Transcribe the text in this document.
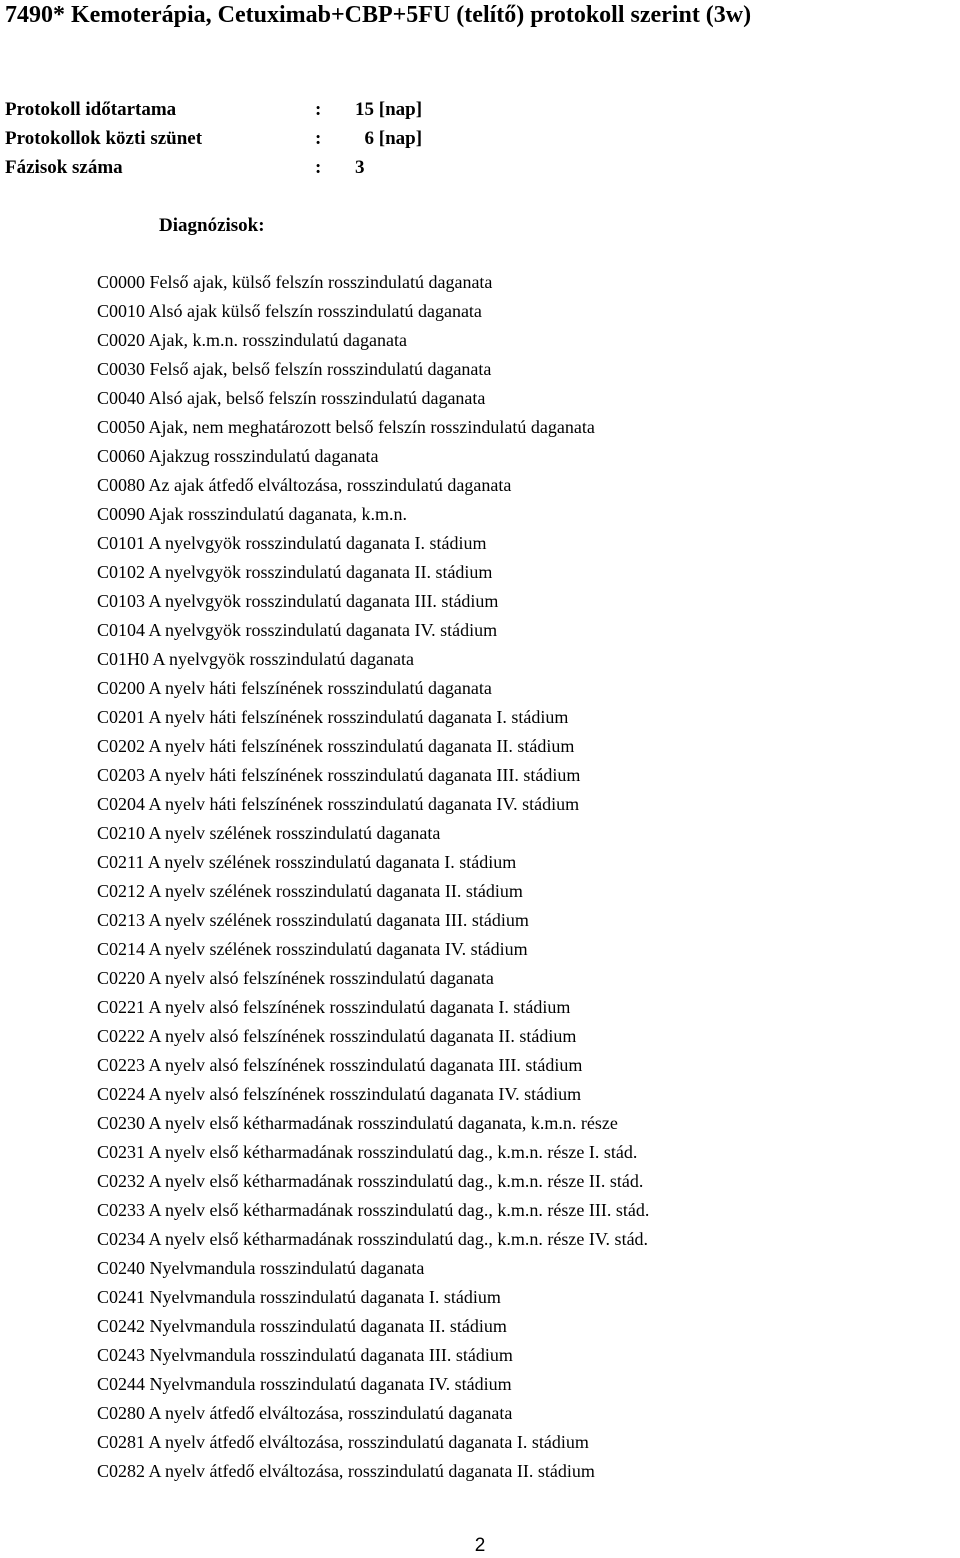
7490* Kemoterápia, Cetuximab+CBP+5FU (telítő) protokoll szerint (3w)
Protokoll időtartama	:	15 [nap]
Protokollok közti szünet	:	6 [nap]
Fázisok száma	:	3
Diagnózisok:
C0000 Felső ajak, külső felszín rosszindulatú daganata
C0010 Alsó ajak külső felszín rosszindulatú daganata
C0020 Ajak, k.m.n. rosszindulatú daganata
C0030 Felső ajak, belső felszín rosszindulatú daganata
C0040 Alsó ajak, belső felszín rosszindulatú daganata
C0050 Ajak, nem meghatározott belső felszín rosszindulatú daganata
C0060 Ajakzug rosszindulatú daganata
C0080 Az ajak átfedő elváltozása, rosszindulatú daganata
C0090 Ajak rosszindulatú daganata, k.m.n.
C0101 A nyelvgyök rosszindulatú daganata I. stádium
C0102 A nyelvgyök rosszindulatú daganata II. stádium
C0103 A nyelvgyök rosszindulatú daganata III. stádium
C0104 A nyelvgyök rosszindulatú daganata IV. stádium
C01H0 A nyelvgyök rosszindulatú daganata
C0200 A nyelv háti felszínének rosszindulatú daganata
C0201 A nyelv háti felszínének rosszindulatú daganata I. stádium
C0202 A nyelv háti felszínének rosszindulatú daganata II. stádium
C0203 A nyelv háti felszínének rosszindulatú daganata III. stádium
C0204 A nyelv háti felszínének rosszindulatú daganata IV. stádium
C0210 A nyelv szélének rosszindulatú daganata
C0211 A nyelv szélének rosszindulatú daganata I. stádium
C0212 A nyelv szélének rosszindulatú daganata II. stádium
C0213 A nyelv szélének rosszindulatú daganata III. stádium
C0214 A nyelv szélének rosszindulatú daganata IV. stádium
C0220 A nyelv alsó felszínének rosszindulatú daganata
C0221 A nyelv alsó felszínének rosszindulatú daganata I. stádium
C0222 A nyelv alsó felszínének rosszindulatú daganata II. stádium
C0223 A nyelv alsó felszínének rosszindulatú daganata III. stádium
C0224 A nyelv alsó felszínének rosszindulatú daganata IV. stádium
C0230 A nyelv első kétharmadának rosszindulatú daganata, k.m.n. része
C0231 A nyelv első kétharmadának rosszindulatú dag., k.m.n. része I. stád.
C0232 A nyelv első kétharmadának rosszindulatú dag., k.m.n. része II. stád.
C0233 A nyelv első kétharmadának rosszindulatú dag., k.m.n. része III. stád.
C0234 A nyelv első kétharmadának rosszindulatú dag., k.m.n. része IV. stád.
C0240 Nyelvmandula rosszindulatú daganata
C0241 Nyelvmandula rosszindulatú daganata I. stádium
C0242 Nyelvmandula rosszindulatú daganata II. stádium
C0243 Nyelvmandula rosszindulatú daganata III. stádium
C0244 Nyelvmandula rosszindulatú daganata IV. stádium
C0280 A nyelv átfedő elváltozása, rosszindulatú daganata
C0281 A nyelv átfedő elváltozása, rosszindulatú daganata I. stádium
C0282 A nyelv átfedő elváltozása, rosszindulatú daganata II. stádium
2
